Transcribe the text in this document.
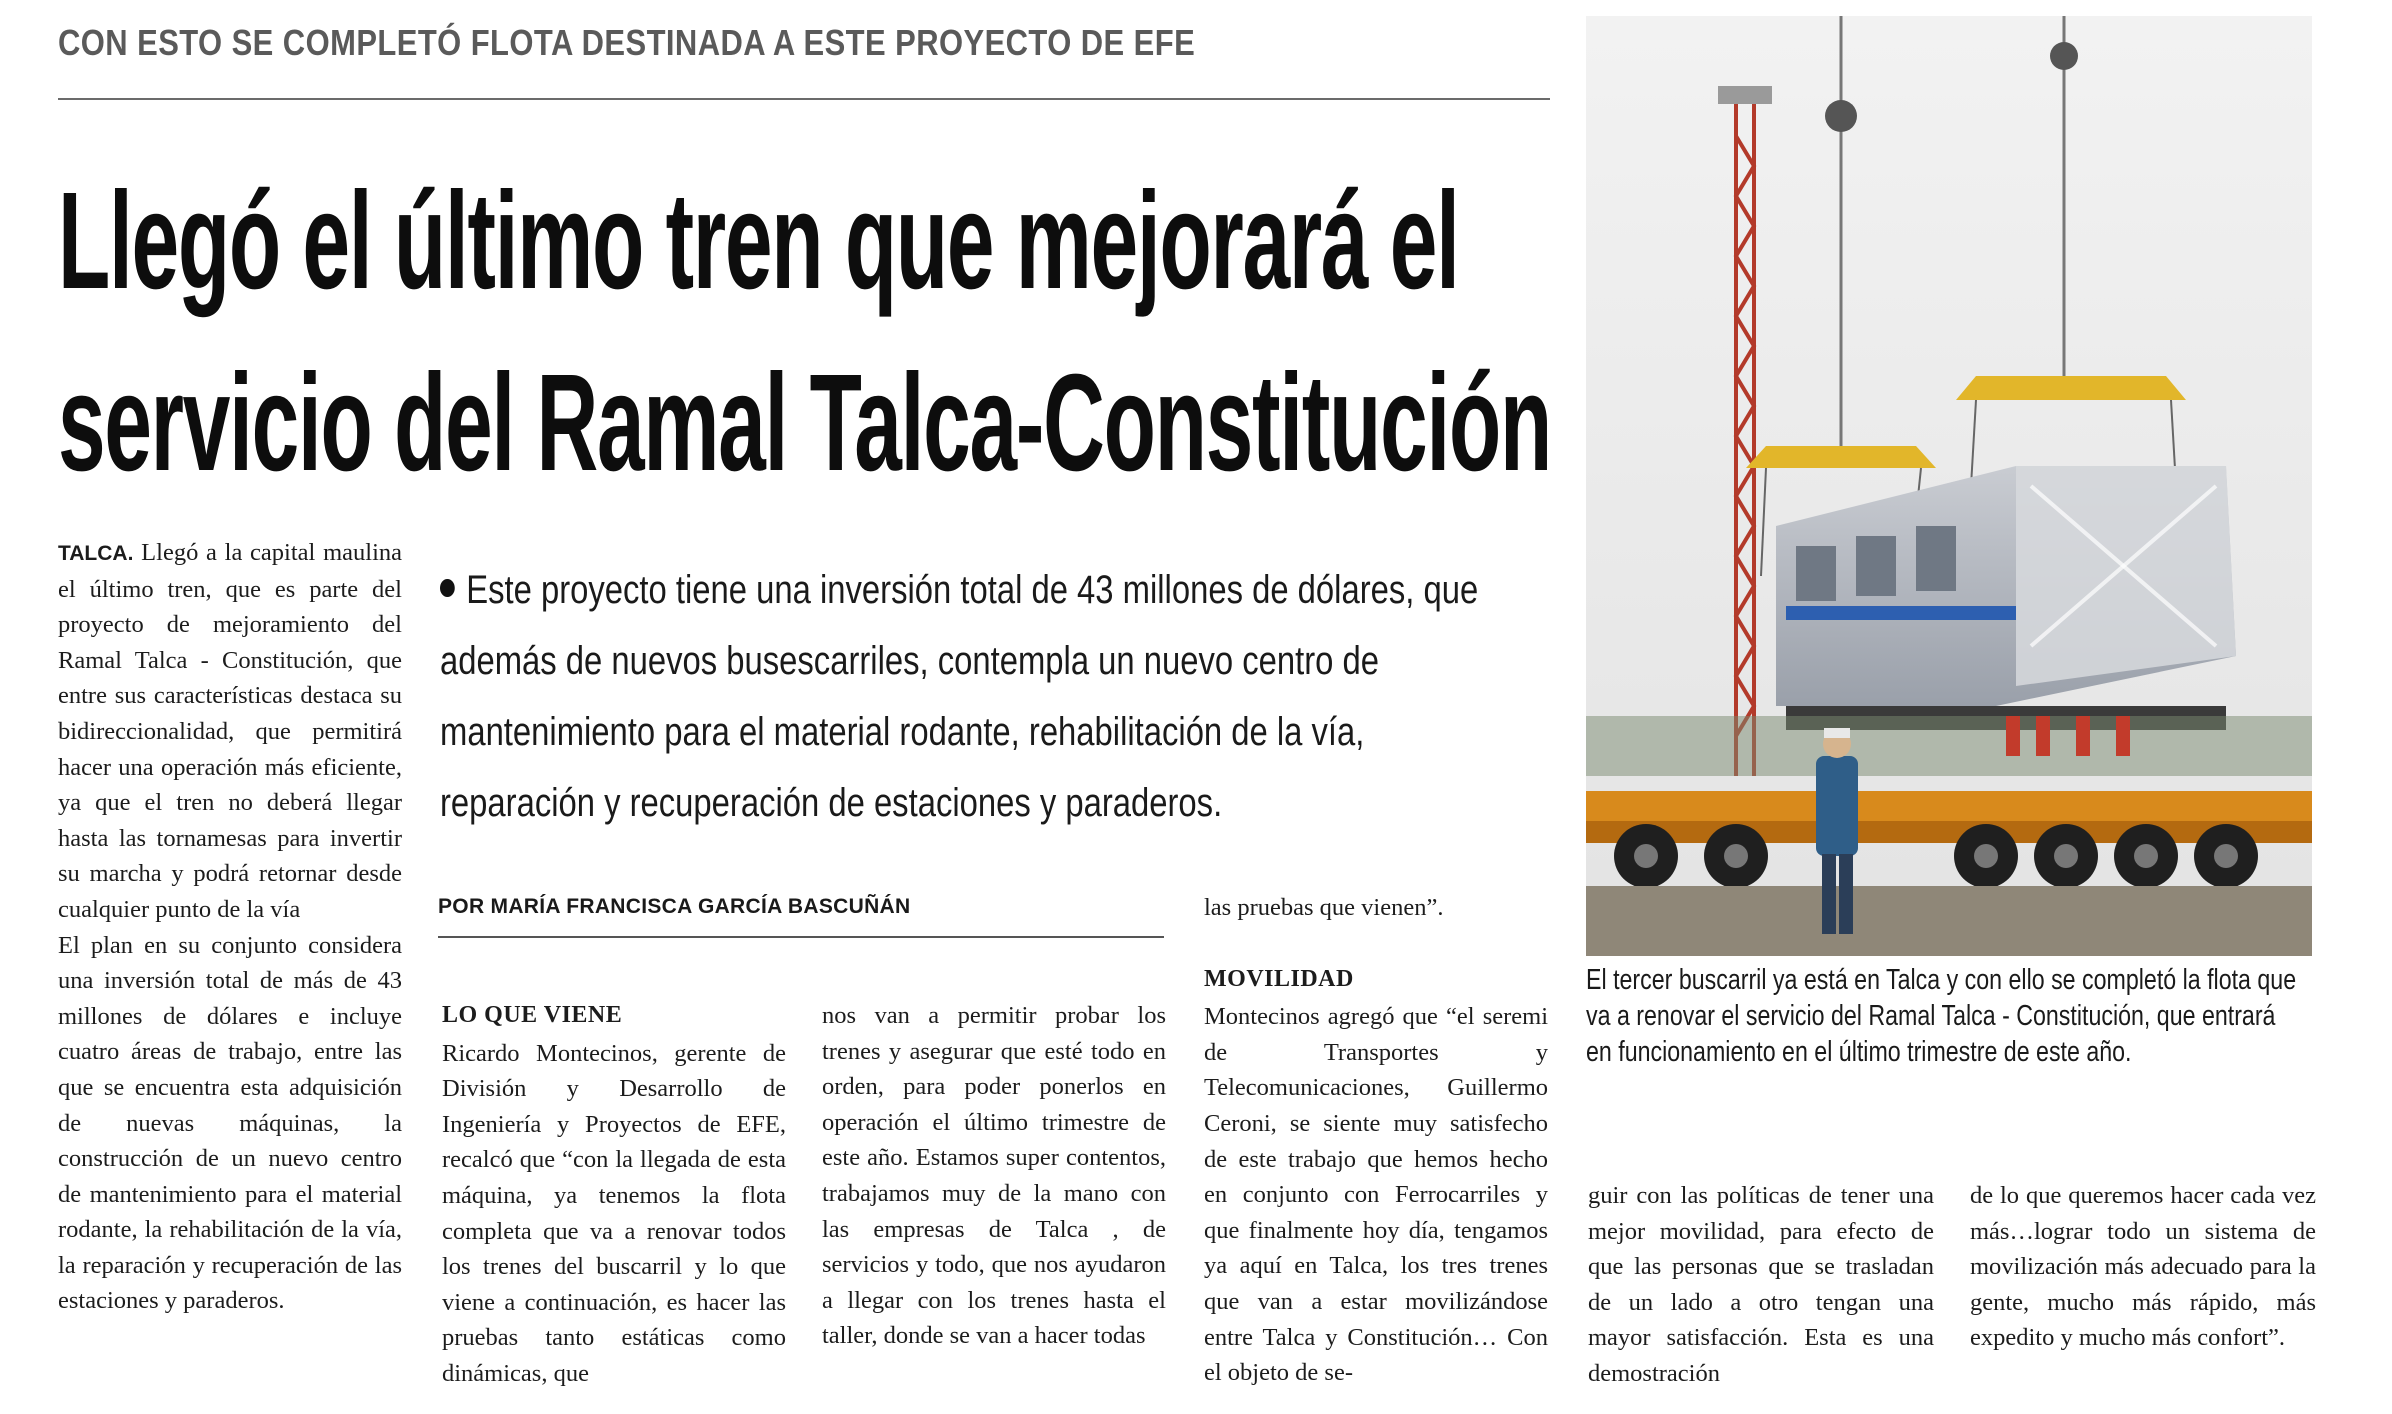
CON ESTO SE COMPLETÓ FLOTA DESTINADA A ESTE PROYECTO DE EFE
Llegó el último tren que mejorará el
servicio del Ramal Talca-Constitución

TALCA. Llegó a la capital maulina el último tren, que es parte del proyecto de mejoramiento del Ramal Talca - Constitución, que entre sus características destaca su bidireccionalidad, que permitirá hacer una operación más eficiente, ya que el tren no deberá llegar hasta las tornamesas para invertir su marcha y podrá retornar desde cualquier punto de la vía

El plan en su conjunto considera una inversión total de más de 43 millones de dólares e incluye cuatro áreas de trabajo, entre las que se encuentra esta adquisición de nuevas máquinas, la construcción de un nuevo centro de mantenimiento para el material rodante, la rehabilitación de la vía, la reparación y recuperación de las estaciones y paraderos.

Este proyecto tiene una inversión total de 43 millones de dólares, que además de nuevos busescarriles, contempla un nuevo centro de mantenimiento para el material rodante, rehabilitación de la vía, reparación y recuperación de estaciones y paraderos.
POR MARÍA FRANCISCA GARCÍA BASCUÑÁN
LO QUE VIENE

Ricardo Montecinos, gerente de División y Desarrollo de Ingeniería y Proyectos de EFE, recalcó que “con la llegada de esta máquina, ya tenemos la flota completa que va a renovar todos los trenes del buscarril y lo que viene a continuación, es hacer las pruebas tanto estáticas como dinámicas, que

nos van a permitir probar los trenes y asegurar que esté todo en orden, para poder ponerlos en operación el último trimestre de este año. Estamos super contentos, trabajamos muy de la mano con las empresas de Talca , de servicios y todo, que nos ayudaron a llegar con los trenes hasta el taller, donde se van a hacer todas

las pruebas que vienen”.

MOVILIDAD

Montecinos agregó que “el seremi de Transportes y Telecomunicaciones, Guillermo Ceroni, se siente muy satisfecho de este trabajo que hemos hecho en conjunto con Ferrocarriles y que finalmente hoy día, tengamos ya aquí en Talca, los tres trenes que van a estar movilizándose entre Talca y Constitución… Con el objeto de se-

El tercer buscarril ya está en Talca y con ello se completó la flota que va a renovar el servicio del Ramal Talca - Constitución, que entrará en funcionamiento en el último trimestre de este año.

guir con las políticas de tener una mejor movilidad, para efecto de que las personas que se trasladan de un lado a otro tengan una mayor satisfacción. Esta es una demostración

de lo que queremos hacer cada vez más…lograr todo un sistema de movilización más adecuado para la gente, mucho más rápido, más expedito y mucho más confort”.
